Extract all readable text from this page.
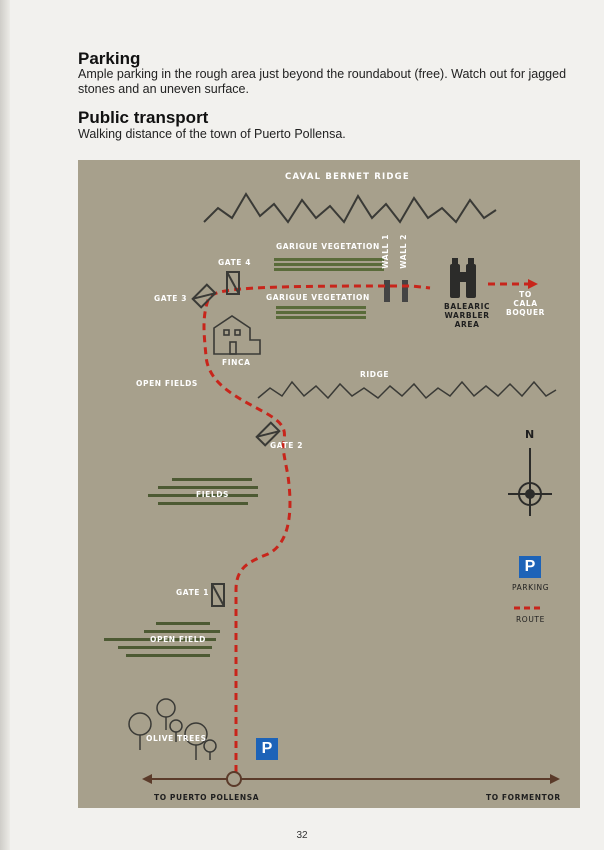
Parking
Ample parking in the rough area just beyond the roundabout (free). Watch out for jagged stones and an uneven surface.
Public transport
Walking distance of the town of Puerto Pollensa.
CAVAL BERNET RIDGE
GATE 4
GATE 3
GATE 2
GATE 1
GARIGUE VEGETATION
GARIGUE VEGETATION
WALL 1 WALL 2
BALEARIC
WARBLER
AREA
TO
CALA
BOQUER
FINCA
OPEN FIELDS
RIDGE
FIELDS
OPEN FIELD
OLIVE TREES
TO PUERTO POLLENSA	TO FORMENTOR
N
P
P
PARKING
ROUTE
32
